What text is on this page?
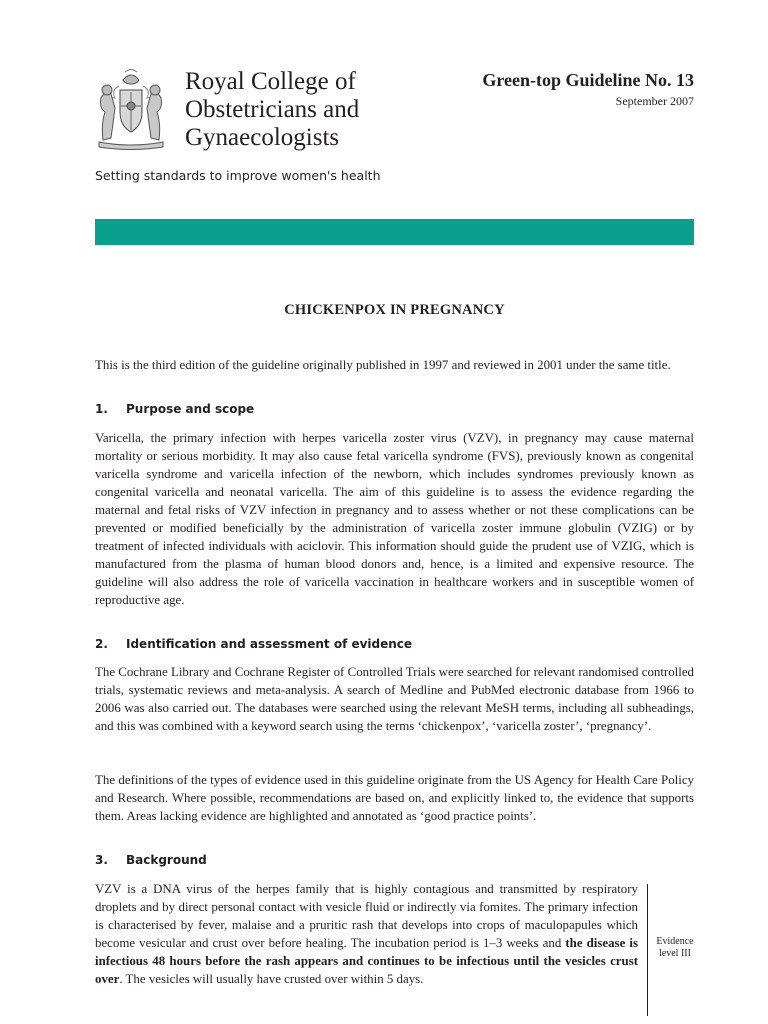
Royal College of
Obstetricians and
Gynaecologists

Setting standards to improve women's health

Green-top Guideline No. 13
September 2007
CHICKENPOX IN PREGNANCY

This is the third edition of the guideline originally published in 1997 and reviewed in 2001 under the same title.

1. Purpose and scope

Varicella, the primary infection with herpes varicella zoster virus (VZV), in pregnancy may cause maternal mortality or serious morbidity. It may also cause fetal varicella syndrome (FVS), previously known as congenital varicella syndrome and varicella infection of the newborn, which includes syndromes previously known as congenital varicella and neonatal varicella. The aim of this guideline is to assess the evidence regarding the maternal and fetal risks of VZV infection in pregnancy and to assess whether or not these complications can be prevented or modified beneficially by the administration of varicella zoster immune globulin (VZIG) or by treatment of infected individuals with aciclovir. This information should guide the prudent use of VZIG, which is manufactured from the plasma of human blood donors and, hence, is a limited and expensive resource. The guideline will also address the role of varicella vaccination in healthcare workers and in susceptible women of reproductive age.

2. Identification and assessment of evidence

The Cochrane Library and Cochrane Register of Controlled Trials were searched for relevant randomised controlled trials, systematic reviews and meta-analysis. A search of Medline and PubMed electronic database from 1966 to 2006 was also carried out. The databases were searched using the relevant MeSH terms, including all subheadings, and this was combined with a keyword search using the terms ‘chickenpox’, ‘varicella zoster’, ‘pregnancy’.

The definitions of the types of evidence used in this guideline originate from the US Agency for Health Care Policy and Research. Where possible, recommendations are based on, and explicitly linked to, the evidence that supports them. Areas lacking evidence are highlighted and annotated as ‘good practice points’.

3. Background

VZV is a DNA virus of the herpes family that is highly contagious and transmitted by respiratory droplets and by direct personal contact with vesicle fluid or indirectly via fomites. The primary infection is characterised by fever, malaise and a pruritic rash that develops into crops of maculopapules which become vesicular and crust over before healing. The incubation period is 1–3 weeks and the disease is infectious 48 hours before the rash appears and continues to be infectious until the vesicles crust over. The vesicles will usually have crusted over within 5 days.

Evidence
level III
